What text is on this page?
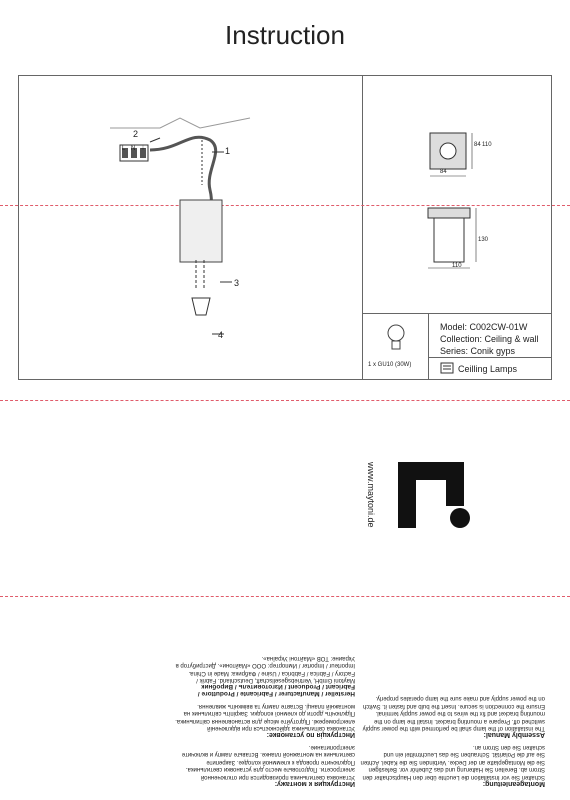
Instruction
2
1
3
4
L N ⏚
84
84 110
110
130
1 x GU10 (30W)
Model: C002CW-01W
Collection: Ceiling & wall
Series: Conik gyps
Ceilling Lamps
www.maytoni.de
Montageanleitung:
Schalten Sie vor Installation die Leuchte über den Hauptschalter den Strom ab. Bereiten Sie Halterung und das Zubehör vor. Befestigen Sie die Montageplatte an der Decke. Verbinden Sie die Kabel. Achten Sie auf die Polarität. Schrauben Sie das Leuchtmittel ein und schalten Sie den Strom an.
Assembly Manual:
The installation of the lamp shall be performed with the power supply switched off. Prepare a mounting bracket. Install the lamp on the mounting bracket and fix the wires to the power supply terminal. Ensure the connection is secure. Insert the bulb and fasten it. Switch on the power supply and make sure the lamp operates properly.
Инструкция к монтажу:
Установка светильника производится при отключенной электросети. Подготовьте место для установки светильника. Подключите провода к клеммной колодке. Закрепите светильник на монтажной планке. Вставьте лампу и включите электропитание.
Инструкція по установке:
Установка світильника здійснюється при відключеній електромережі. Підготуйте місце для встановлення світильника. Підключіть дроти до клемної колодки. Закріпіть світильник на монтажній планці. Вставте лампу та ввімкніть живлення.
Hersteller / Manufacturer / Fabricante / Produttore / Fabricant / Producent / Изготовитель / Виробник
Maytoni GmbH, Vertriebsgesellschaft, Deutschland. Fabrik / Factory / Fábrica / Fabbrica / Usine / Фабрика: Made in China. Importeur / Importer / Импортер: ООО «Майтони». Дистрибутор в Украине: ТОВ «Майтоні Україна».
